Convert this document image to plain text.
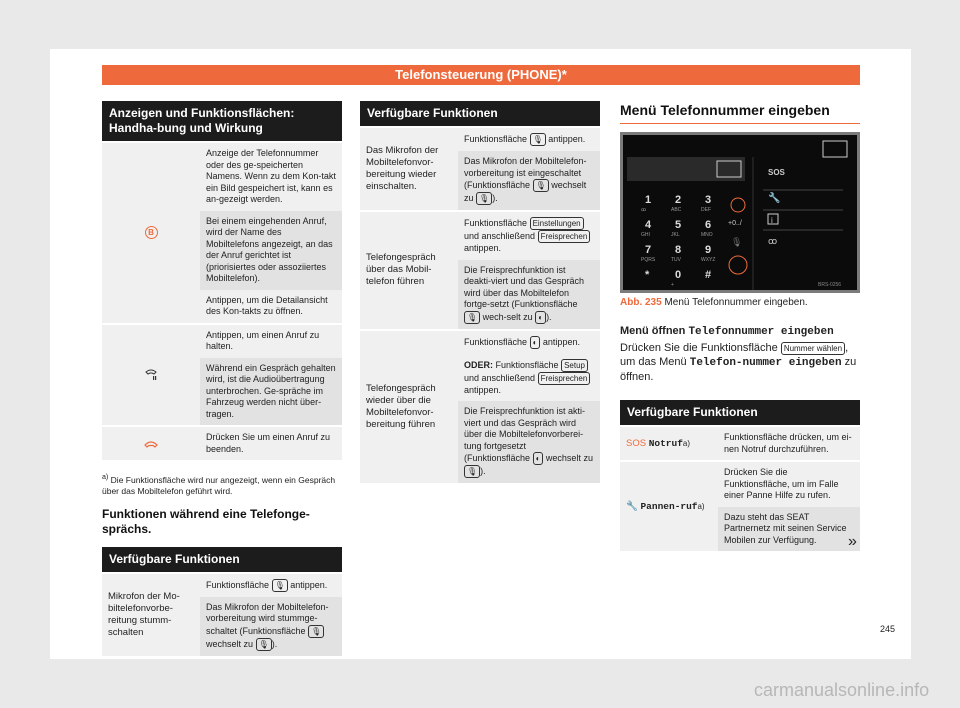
Telefonsteuerung (PHONE)*
Anzeigen und Funktionsflächen: Handha-bung und Wirkung
B
Anzeige der Telefonnummer oder des ge-speicherten Namens. Wenn zu dem Kon-takt ein Bild gespeichert ist, kann es an-gezeigt werden.
Bei einem eingehenden Anruf, wird der Name des Mobiltelefons angezeigt, an das der Anruf gerichtet ist (priorisiertes oder assoziiertes Mobiltelefon).
Antippen, um die Detailansicht des Kon-takts zu öffnen.
Antippen, um einen Anruf zu halten.
Während ein Gespräch gehalten wird, ist die Audioübertragung unterbrochen. Ge-spräche im Fahrzeug werden nicht über-tragen.
Drücken Sie um einen Anruf zu beenden.
$^{a)}$ Die Funktionsfläche wird nur angezeigt, wenn ein Gespräch über das Mobiltelefon geführt wird.
Funktionen während eine Telefonge-sprächs.
Verfügbare Funktionen
Mikrofon der Mo-biltelefonvorbe-reitung stumm-schalten
Funktionsfläche 🎙 antippen.
Das Mikrofon der Mobiltelefon-vorbereitung wird stummge-schaltet (Funktionsfläche 🎙 wechselt zu 🎙 ).
Verfügbare Funktionen
Das Mikrofon der Mobiltelefonvor-bereitung wieder einschalten.
Funktionsfläche 🎙 antippen.
Das Mikrofon der Mobiltelefon-vorbereitung ist eingeschaltet (Funktionsfläche 🎙 wechselt zu 🎙 ).
Telefongespräch über das Mobil-telefon führen
Funktionsfläche Einstellungen und anschließend Freisprechen antippen.
Die Freisprechfunktion ist deakti-viert und das Gespräch wird über das Mobiltelefon fortge-setzt (Funktionsfläche 🎙 wech-selt zu ◐ ).
Telefongespräch wieder über die Mobiltelefonvor-bereitung führen
Funktionsfläche ◐ antippen.
ODER: Funktionsfläche Setup und anschließend Freisprechen antippen.
Die Freisprechfunktion ist akti-viert und das Gespräch wird über die Mobiltelefonvorberei-tung fortgesetzt (Funktionsfläche ◐ wechselt zu 🎙 ).
Menü Telefonnummer eingeben
SOS
🔧
i
ꝏ
+0../
🎙
1
ꝏ
2
ABC
3
DEF
4
GHI
5
JKL
6
MNO
7
PQRS
8
TUV
9
WXYZ
* 0
+
#
BRS-0256
Abb. 235 Menü Telefonnummer eingeben.
Menü öffnen Telefonnummer eingeben
Drücken Sie die Funktionsfläche Nummer wählen , um das Menü Telefon-nummer eingeben zu öffnen.
Verfügbare Funktionen
SOS
Notruf a)
Funktionsfläche drücken, um ei-nen Notruf durchzuführen.
🔧
Pannen-ruf a)
Drücken Sie die Funktionsfläche, um im Falle einer Panne Hilfe zu rufen.
Dazu steht das SEAT Partnernetz mit seinen Service Mobilen zur Verfügung.	»
245
carmanualsonline.info
